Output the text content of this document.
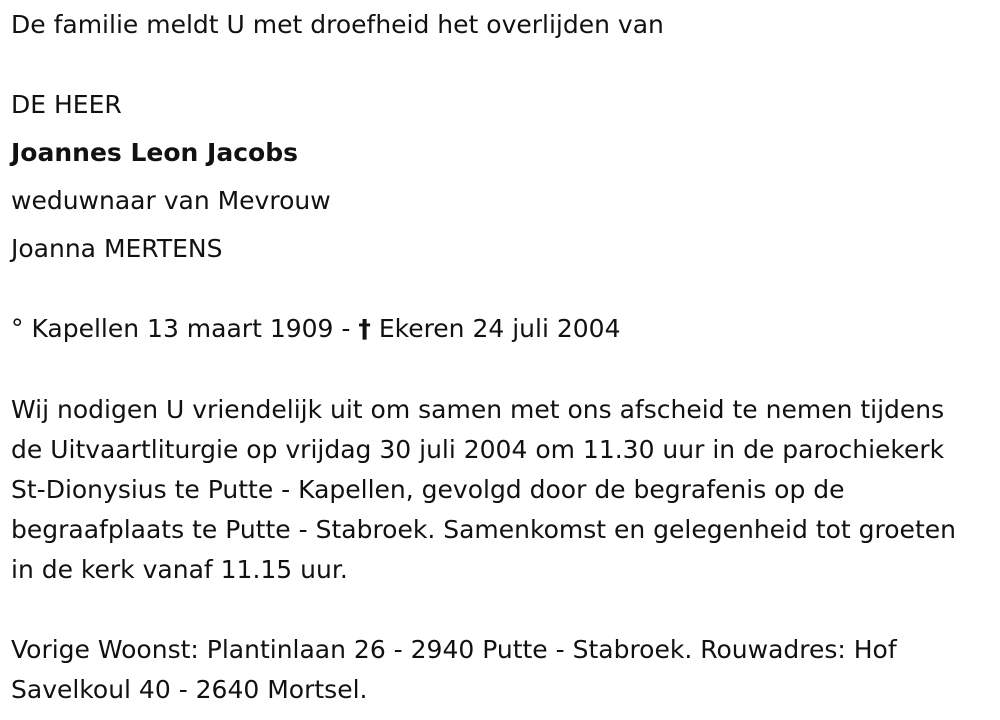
De familie meldt U met droefheid het overlijden van
DE HEER
Joannes Leon Jacobs
weduwnaar van Mevrouw
Joanna MERTENS
° Kapellen 13 maart 1909 - † Ekeren 24 juli 2004
Wij nodigen U vriendelijk uit om samen met ons afscheid te nemen tijdens de Uitvaartliturgie op vrijdag 30 juli 2004 om 11.30 uur in de parochiekerk St-Dionysius te Putte - Kapellen, gevolgd door de begrafenis op de begraafplaats te Putte - Stabroek. Samenkomst en gelegenheid tot groeten in de kerk vanaf 11.15 uur.
Vorige Woonst: Plantinlaan 26 - 2940 Putte - Stabroek. Rouwadres: Hof Savelkoul 40 - 2640 Mortsel.
